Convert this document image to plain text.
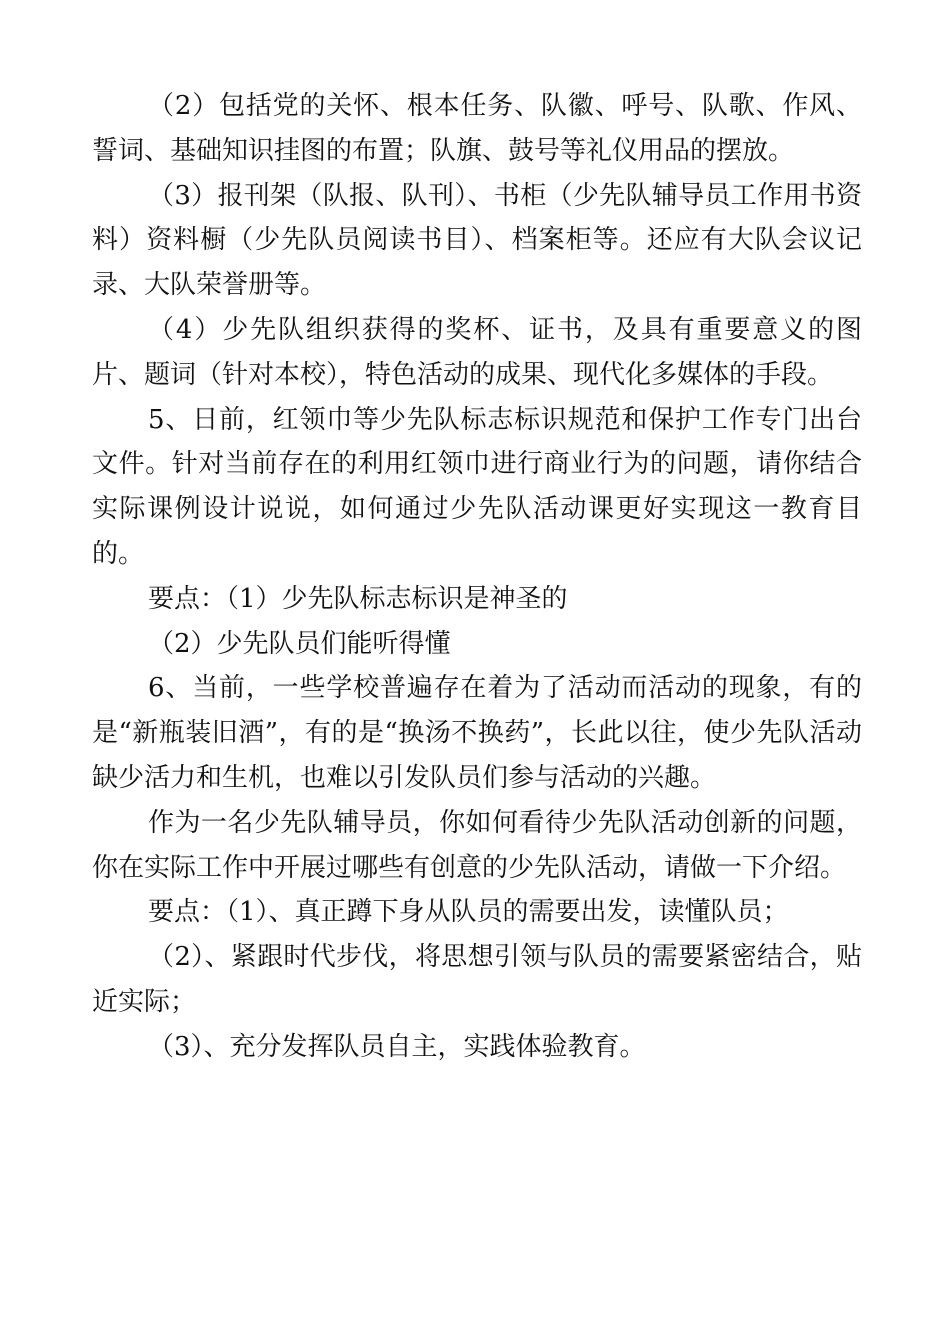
（2）包括党的关怀、根本任务、队徽、呼号、队歌、作风、誓词、基础知识挂图的布置；队旗、鼓号等礼仪用品的摆放。

（3）报刊架（队报、队刊）、书柜（少先队辅导员工作用书资料）资料橱（少先队员阅读书目）、档案柜等。还应有大队会议记录、大队荣誉册等。

（4）少先队组织获得的奖杯、证书，及具有重要意义的图片、题词（针对本校），特色活动的成果、现代化多媒体的手段。

5、日前，红领巾等少先队标志标识规范和保护工作专门出台文件。针对当前存在的利用红领巾进行商业行为的问题，请你结合实际课例设计说说，如何通过少先队活动课更好实现这一教育目的。

要点：（1）少先队标志标识是神圣的

（2）少先队员们能听得懂

6、当前，一些学校普遍存在着为了活动而活动的现象，有的是“新瓶装旧酒”，有的是“换汤不换药”，长此以往，使少先队活动缺少活力和生机，也难以引发队员们参与活动的兴趣。

作为一名少先队辅导员，你如何看待少先队活动创新的问题，你在实际工作中开展过哪些有创意的少先队活动，请做一下介绍。

要点：（1）、真正蹲下身从队员的需要出发，读懂队员；

（2）、紧跟时代步伐，将思想引领与队员的需要紧密结合，贴近实际；

（3）、充分发挥队员自主，实践体验教育。
